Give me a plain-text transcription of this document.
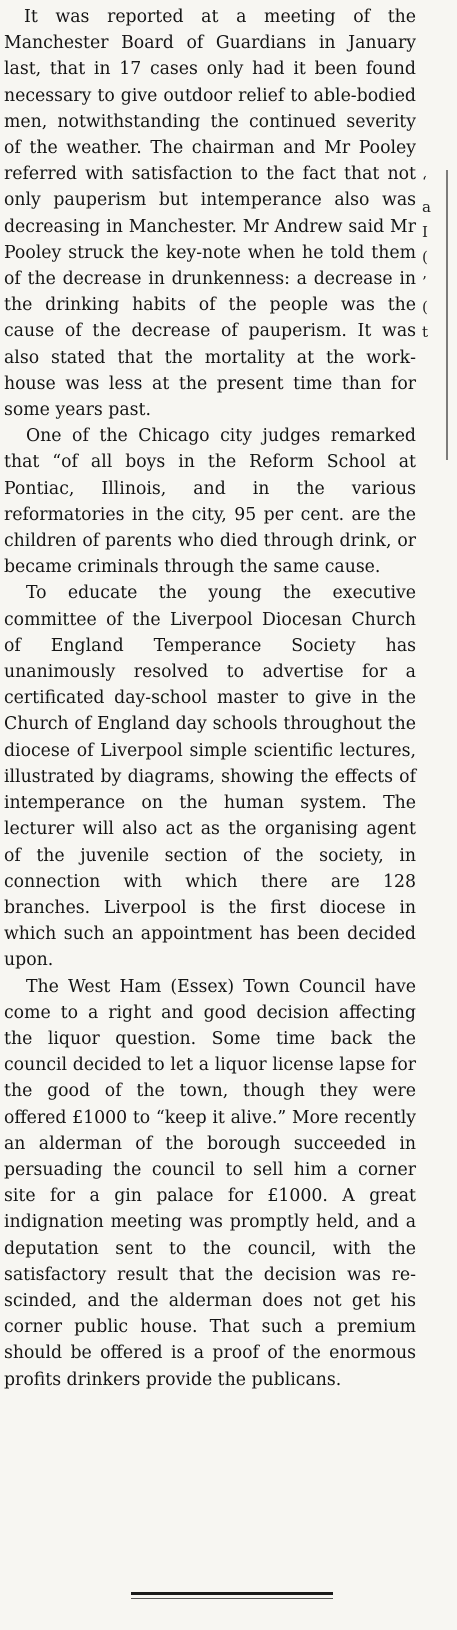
It was reported at a meeting of the Manchester Board of Guardians in January last, that in 17 cases only had it been found necessary to give outdoor relief to able-bodied men, notwithstanding the continued severity of the weather. The chairman and Mr Pooley referred with satisfaction to the fact that not only pauperism but intemperance also was decreasing in Manchester. Mr Andrew said Mr Pooley struck the key-note when he told them of the decrease in drunkenness: a decrease in the drinking habits of the people was the cause of the decrease of pauperism. It was also stated that the mortality at the workhouse was less at the present time than for some years past.

One of the Chicago city judges remarked that “of all boys in the Reform School at Pontiac, Illinois, and in the various reformatories in the city, 95 per cent. are the children of parents who died through drink, or became criminals through the same cause.

To educate the young the executive committee of the Liverpool Diocesan Church of England Temperance Society has unanimously resolved to advertise for a certificated day-school master to give in the Church of England day schools throughout the diocese of Liverpool simple scientific lectures, illustrated by diagrams, showing the effects of intemperance on the human system. The lecturer will also act as the organising agent of the juvenile section of the society, in connection with which there are 128 branches. Liverpool is the first diocese in which such an appointment has been decided upon.

The West Ham (Essex) Town Council have come to a right and good decision affecting the liquor question. Some time back the council decided to let a liquor license lapse for the good of the town, though they were offered £1000 to “keep it alive.” More recently an alderman of the borough succeeded in persuading the council to sell him a corner site for a gin palace for £1000. A great indignation meeting was promptly held, and a deputation sent to the council, with the satisfactory result that the decision was rescinded, and the alderman does not get his corner public house. That such a premium should be offered is a proof of the enormous profits drinkers provide the publicans.

‘
a
I
(
’
(
t
